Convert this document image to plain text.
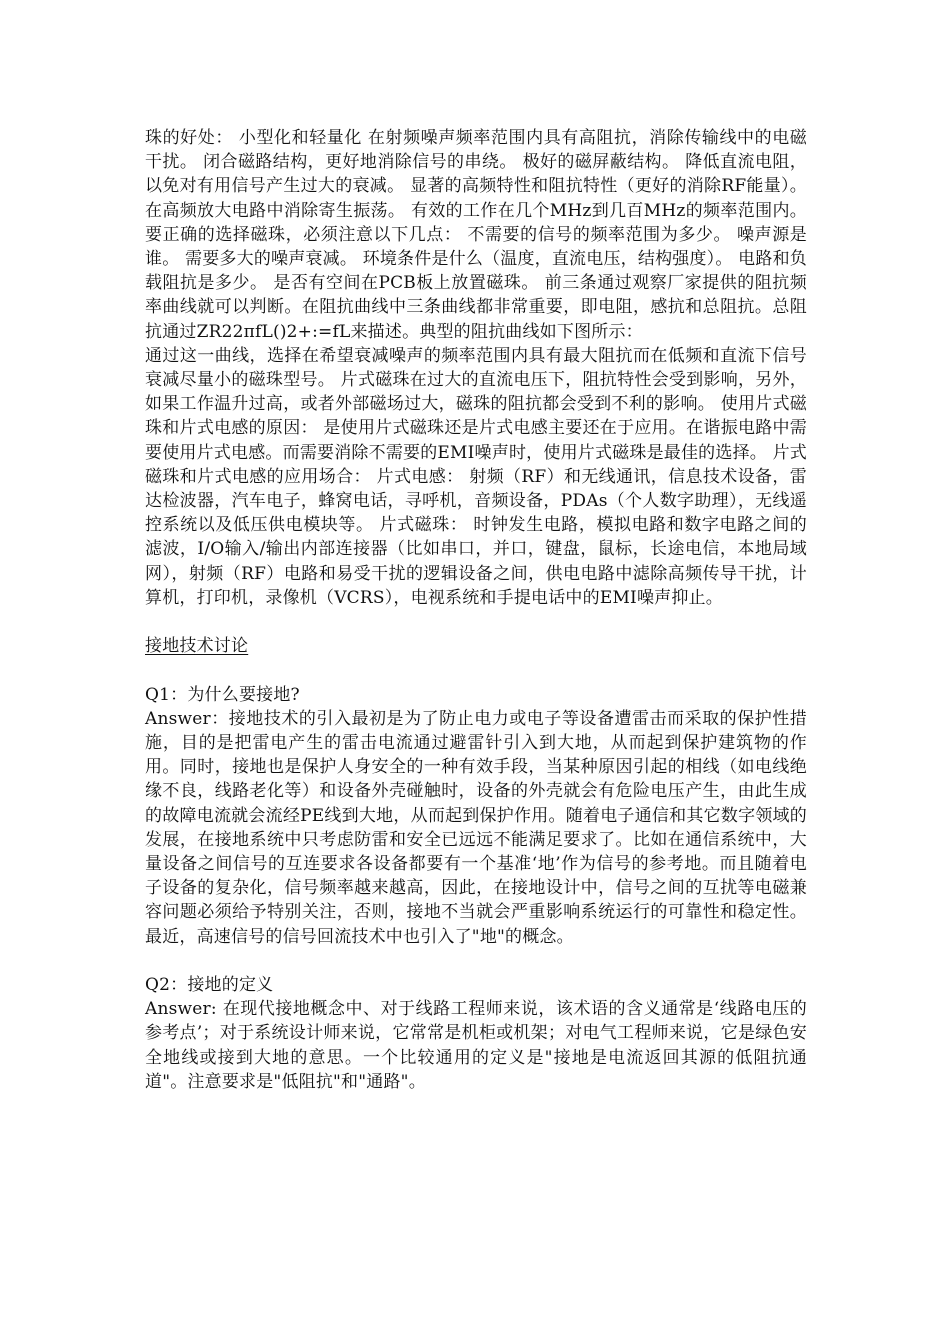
珠的好处： 小型化和轻量化 在射频噪声频率范围内具有高阻抗，消除传输线中的电磁干扰。 闭合磁路结构，更好地消除信号的串绕。 极好的磁屏蔽结构。 降低直流电阻，以免对有用信号产生过大的衰减。 显著的高频特性和阻抗特性（更好的消除RF能量）。 在高频放大电路中消除寄生振荡。 有效的工作在几个MHz到几百MHz的频率范围内。 要正确的选择磁珠，必须注意以下几点： 不需要的信号的频率范围为多少。 噪声源是谁。 需要多大的噪声衰减。 环境条件是什么（温度，直流电压，结构强度）。 电路和负载阻抗是多少。 是否有空间在PCB板上放置磁珠。 前三条通过观察厂家提供的阻抗频率曲线就可以判断。在阻抗曲线中三条曲线都非常重要，即电阻，感抗和总阻抗。总阻抗通过ZR22πfL()2+:=fL来描述。典型的阻抗曲线如下图所示：

通过这一曲线，选择在希望衰减噪声的频率范围内具有最大阻抗而在低频和直流下信号衰减尽量小的磁珠型号。 片式磁珠在过大的直流电压下，阻抗特性会受到影响，另外，如果工作温升过高，或者外部磁场过大，磁珠的阻抗都会受到不利的影响。 使用片式磁珠和片式电感的原因： 是使用片式磁珠还是片式电感主要还在于应用。在谐振电路中需要使用片式电感。而需要消除不需要的EMI噪声时，使用片式磁珠是最佳的选择。 片式磁珠和片式电感的应用场合： 片式电感： 射频（RF）和无线通讯，信息技术设备，雷达检波器，汽车电子，蜂窝电话，寻呼机，音频设备，PDAs（个人数字助理），无线遥控系统以及低压供电模块等。 片式磁珠： 时钟发生电路，模拟电路和数字电路之间的滤波，I/O输入/输出内部连接器（比如串口，并口，键盘，鼠标，长途电信，本地局域网），射频（RF）电路和易受干扰的逻辑设备之间，供电电路中滤除高频传导干扰，计算机，打印机，录像机（VCRS），电视系统和手提电话中的EMI噪声抑止。

接地技术讨论

Q1：为什么要接地?

Answer：接地技术的引入最初是为了防止电力或电子等设备遭雷击而采取的保护性措施，目的是把雷电产生的雷击电流通过避雷针引入到大地，从而起到保护建筑物的作用。同时，接地也是保护人身安全的一种有效手段，当某种原因引起的相线（如电线绝缘不良，线路老化等）和设备外壳碰触时，设备的外壳就会有危险电压产生，由此生成的故障电流就会流经PE线到大地，从而起到保护作用。随着电子通信和其它数字领域的发展，在接地系统中只考虑防雷和安全已远远不能满足要求了。比如在通信系统中，大量设备之间信号的互连要求各设备都要有一个基准‘地’作为信号的参考地。而且随着电子设备的复杂化，信号频率越来越高，因此，在接地设计中，信号之间的互扰等电磁兼容问题必须给予特别关注，否则，接地不当就会严重影响系统运行的可靠性和稳定性。最近，高速信号的信号回流技术中也引入了"地"的概念。

Q2：接地的定义

Answer: 在现代接地概念中、对于线路工程师来说，该术语的含义通常是‘线路电压的参考点’；对于系统设计师来说，它常常是机柜或机架；对电气工程师来说，它是绿色安全地线或接到大地的意思。一个比较通用的定义是"接地是电流返回其源的低阻抗通道"。注意要求是"低阻抗"和"通路"。
